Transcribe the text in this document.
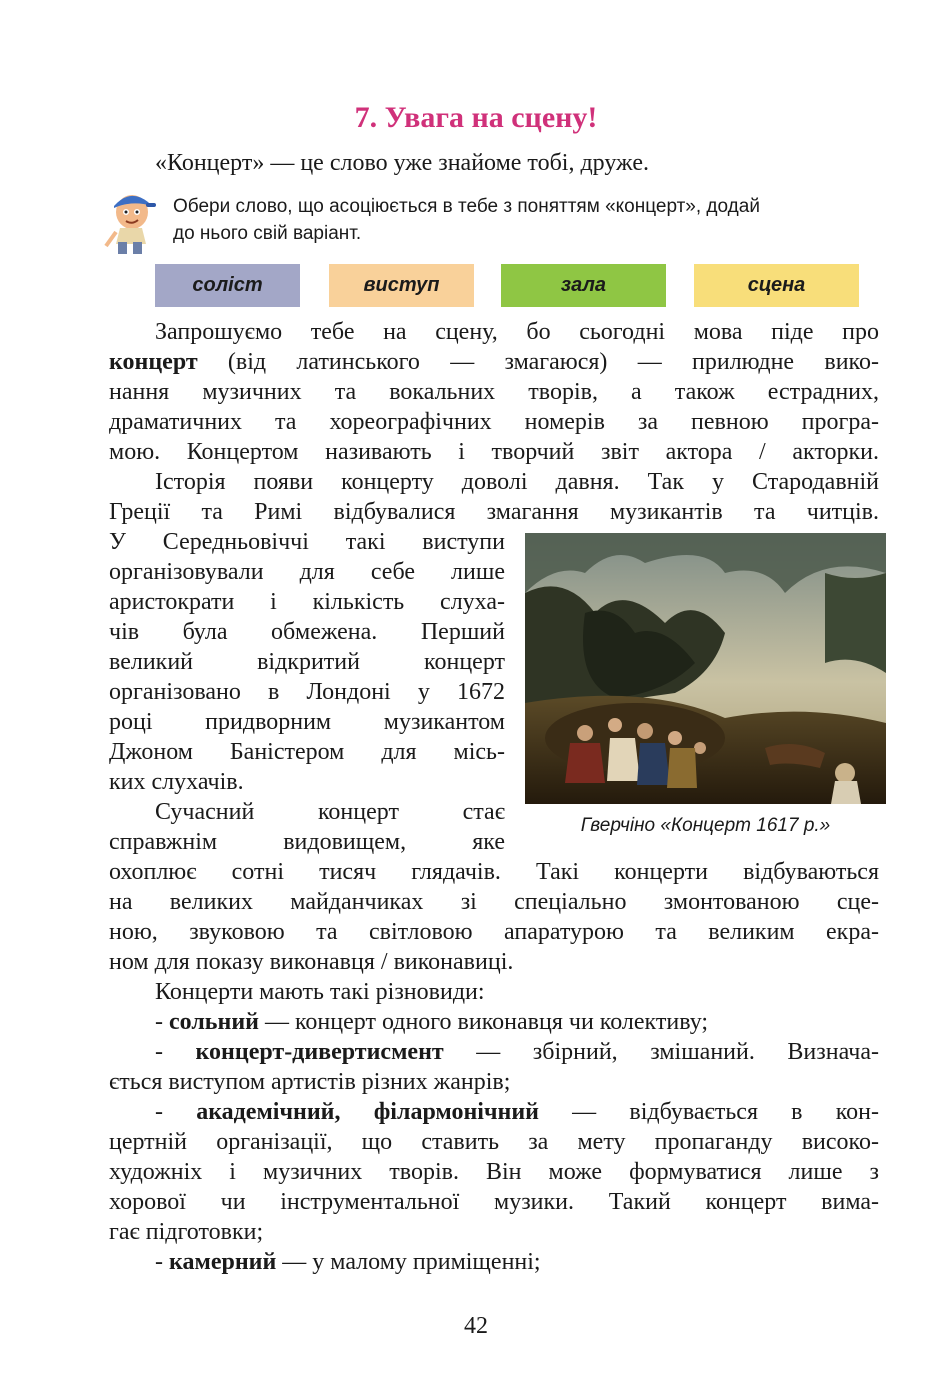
7. Увага на сцену!
«Концерт» — це слово уже знайоме тобі, друже.
Обери слово, що асоціюється в тебе з поняттям «концерт», додай
до нього свій варіант.
соліст	виступ	зала	сцена
Запрошуємо тебе на сцену, бо сьогодні мова піде про
концерт (від латинського — змагаюся) — прилюдне вико-
нання музичних та вокальних творів, а також естрадних,
драматичних та хореографічних номерів за певною програ-
мою. Концертом називають і творчий звіт актора / акторки.
Історія появи концерту доволі давня. Так у Стародавній
Греції та Римі відбувалися змагання музикантів та читців.
У Середньовіччі такі виступи
організовували для себе лише
аристократи і кількість слуха-
чів була обмежена. Перший
великий відкритий концерт
організовано в Лондоні у 1672
році придворним музикантом
Джоном Баністером для місь-
ких слухачів.
Сучасний концерт стає
справжнім видовищем, яке
Гверчіно «Концерт 1617 р.»
охоплює сотні тисяч глядачів. Такі концерти відбуваються
на великих майданчиках зі спеціально змонтованою сце-
ною, звуковою та світловою апаратурою та великим екра-
ном для показу виконавця / виконавиці.
Концерти мають такі різновиди:
- сольний — концерт одного виконавця чи колективу;
- концерт-дивертисмент — збірний, змішаний. Визнача-
ється виступом артистів різних жанрів;
- академічний, філармонічний — відбувається в кон-
цертній організації, що ставить за мету пропаганду високо-
художніх і музичних творів. Він може формуватися лише з
хорової чи інструментальної музики. Такий концерт вима-
гає підготовки;
- камерний — у малому приміщенні;
42
